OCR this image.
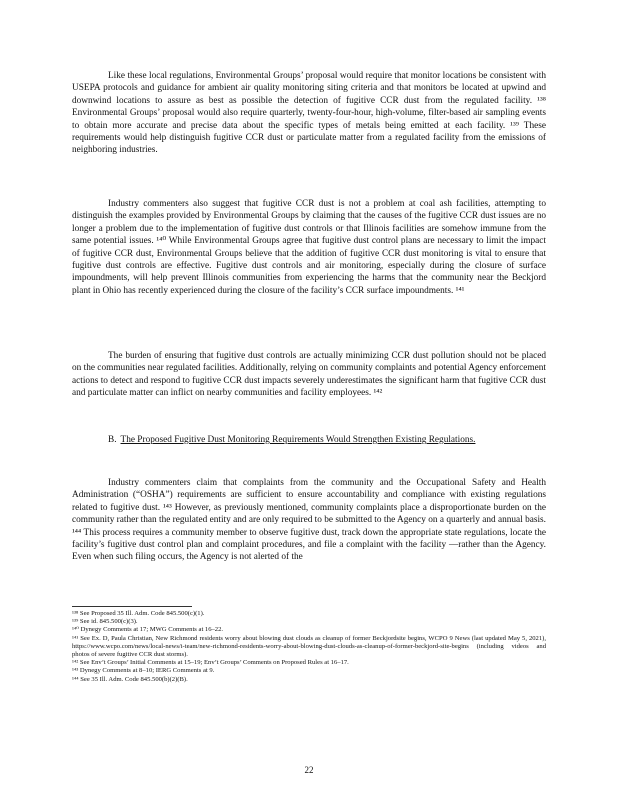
Like these local regulations, Environmental Groups’ proposal would require that monitor locations be consistent with USEPA protocols and guidance for ambient air quality monitoring siting criteria and that monitors be located at upwind and downwind locations to assure as best as possible the detection of fugitive CCR dust from the regulated facility. ¹³⁸ Environmental Groups’ proposal would also require quarterly, twenty-four-hour, high-volume, filter-based air sampling events to obtain more accurate and precise data about the specific types of metals being emitted at each facility. ¹³⁹ These requirements would help distinguish fugitive CCR dust or particulate matter from a regulated facility from the emissions of neighboring industries.

Industry commenters also suggest that fugitive CCR dust is not a problem at coal ash facilities, attempting to distinguish the examples provided by Environmental Groups by claiming that the causes of the fugitive CCR dust issues are no longer a problem due to the implementation of fugitive dust controls or that Illinois facilities are somehow immune from the same potential issues. ¹⁴⁰ While Environmental Groups agree that fugitive dust control plans are necessary to limit the impact of fugitive CCR dust, Environmental Groups believe that the addition of fugitive CCR dust monitoring is vital to ensure that fugitive dust controls are effective. Fugitive dust controls and air monitoring, especially during the closure of surface impoundments, will help prevent Illinois communities from experiencing the harms that the community near the Beckjord plant in Ohio has recently experienced during the closure of the facility’s CCR surface impoundments. ¹⁴¹

The burden of ensuring that fugitive dust controls are actually minimizing CCR dust pollution should not be placed on the communities near regulated facilities. Additionally, relying on community complaints and potential Agency enforcement actions to detect and respond to fugitive CCR dust impacts severely underestimates the significant harm that fugitive CCR dust and particulate matter can inflict on nearby communities and facility employees. ¹⁴²

B. The Proposed Fugitive Dust Monitoring Requirements Would Strengthen Existing Regulations.

Industry commenters claim that complaints from the community and the Occupational Safety and Health Administration (“OSHA”) requirements are sufficient to ensure accountability and compliance with existing regulations related to fugitive dust. ¹⁴³ However, as previously mentioned, community complaints place a disproportionate burden on the community rather than the regulated entity and are only required to be submitted to the Agency on a quarterly and annual basis. ¹⁴⁴ This process requires a community member to observe fugitive dust, track down the appropriate state regulations, locate the facility’s fugitive dust control plan and complaint procedures, and file a complaint with the facility —rather than the Agency. Even when such filing occurs, the Agency is not alerted of the

¹³⁸ See Proposed 35 Ill. Adm. Code 845.500(c)(1).

¹³⁹ See id. 845.500(c)(3).

¹⁴⁰ Dynegy Comments at 17; MWG Comments at 16–22.

¹⁴¹ See Ex. D, Paula Christian, New Richmond residents worry about blowing dust clouds as cleanup of former Beckjordsite begins, WCPO 9 News (last updated May 5, 2021), https://www.wcpo.com/news/local-news/i-team/new-richmond-residents-worry-about-blowing-dust-clouds-as-cleanup-of-former-beckjord-site-begins (including videos and photos of severe fugitive CCR dust storms).

¹⁴² See Env’t Groups’ Initial Comments at 15–19; Env’t Groups’ Comments on Proposed Rules at 16–17.

¹⁴³ Dynegy Comments at 8–10; IERG Comments at 9.

¹⁴⁴ See 35 Ill. Adm. Code 845.500(b)(2)(B).

22
